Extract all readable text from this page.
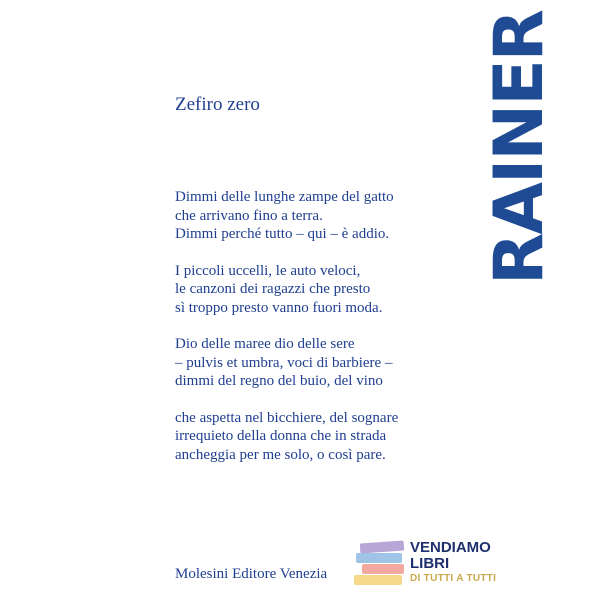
RAINER
Zefiro zero

Dimmi delle lunghe zampe del gatto
che arrivano fino a terra.
Dimmi perché tutto – qui – è addio.

I piccoli uccelli, le auto veloci,
le canzoni dei ragazzi che presto
sì troppo presto vanno fuori moda.

Dio delle maree dio delle sere
– pulvis et umbra, voci di barbiere –
dimmi del regno del buio, del vino

che aspetta nel bicchiere, del sognare
irrequieto della donna che in strada
ancheggia per me solo, o così pare.

Molesini Editore Venezia
VENDIAMO
LIBRI
DI TUTTI A TUTTI
